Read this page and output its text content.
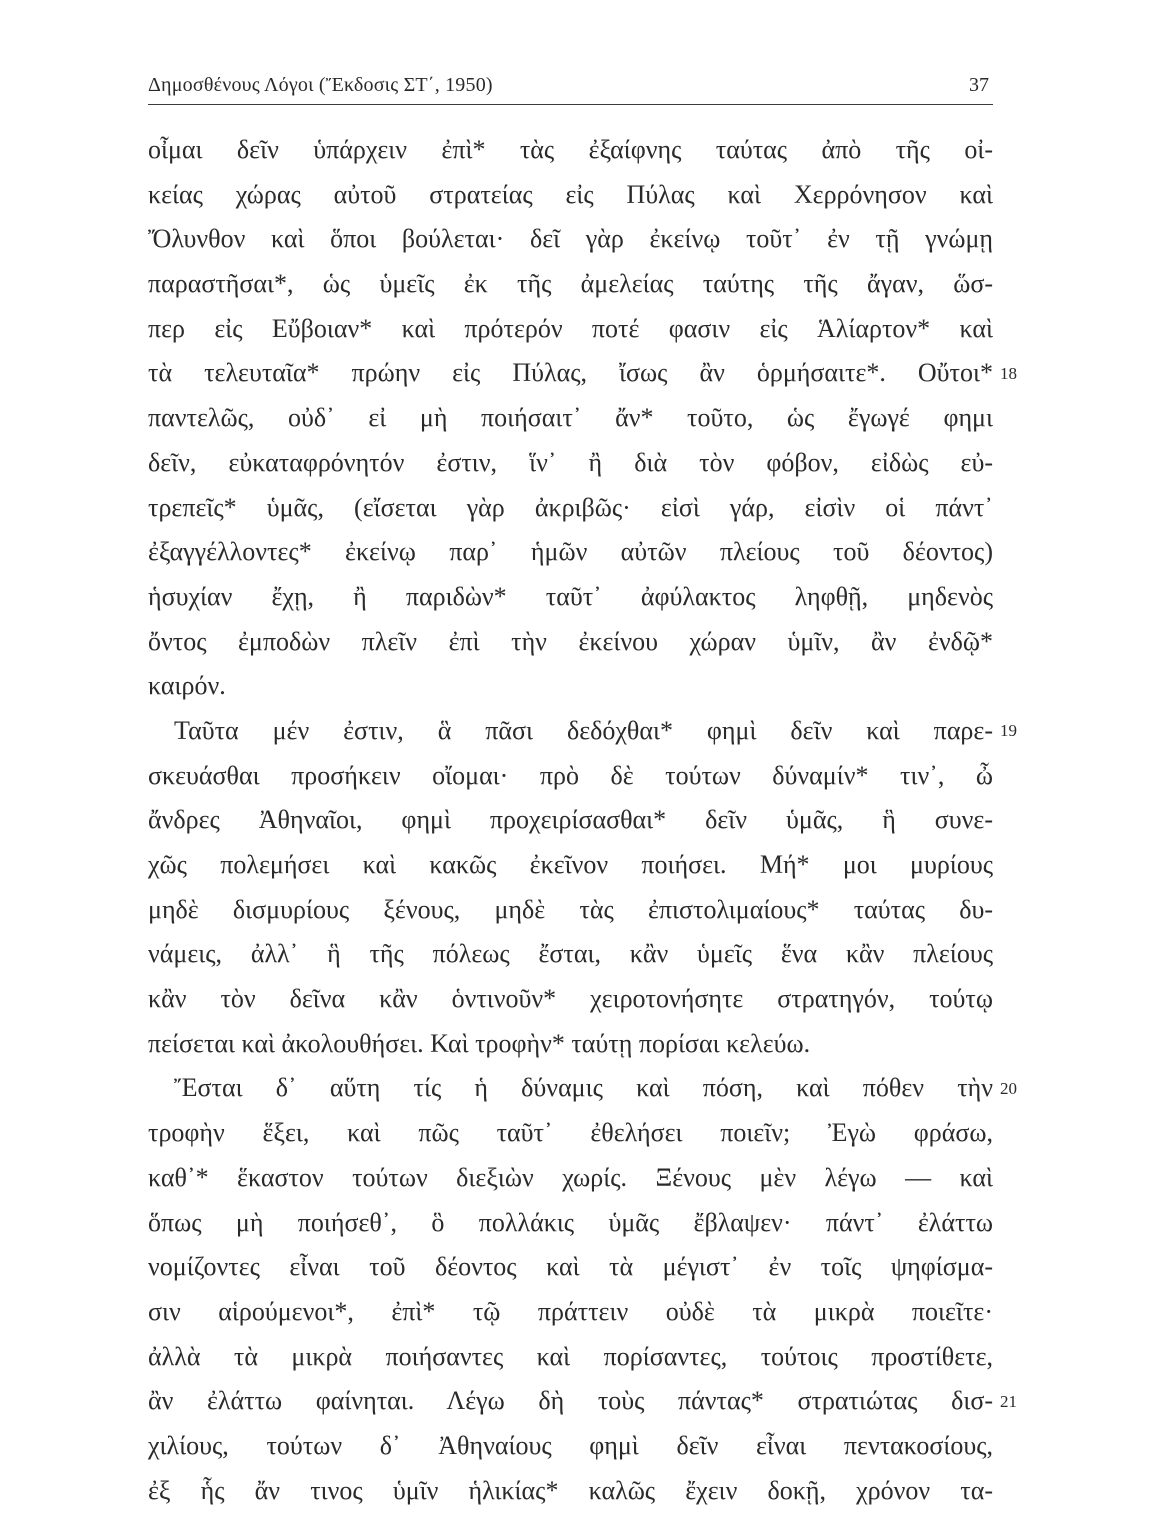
Δημοσθένους Λόγοι (Ἔκδοσις ΣΤ΄, 1950)	37
οἶμαι δεῖν ὑπάρχειν ἐπὶ* τὰς ἐξαίφνης ταύτας ἀπὸ τῆς οἰ-
κείας χώρας αὐτοῦ στρατείας εἰς Πύλας καὶ Χερρόνησον καὶ
Ὄλυνθον καὶ ὅποι βούλεται· δεῖ γὰρ ἐκείνῳ τοῦτ᾿ ἐν τῇ γνώμῃ
παραστῆσαι*, ὡς ὑμεῖς ἐκ τῆς ἀμελείας ταύτης τῆς ἄγαν, ὥσ-
περ εἰς Εὔβοιαν* καὶ πρότερόν ποτέ φασιν εἰς Ἁλίαρτον* καὶ
τὰ τελευταῖα* πρώην εἰς Πύλας, ἴσως ἂν ὁρμήσαιτε*. Οὔτοι*
παντελῶς, οὐδ᾿ εἰ μὴ ποιήσαιτ᾿ ἄν* τοῦτο, ὡς ἔγωγέ φημι
δεῖν, εὐκαταφρόνητόν ἐστιν, ἵν᾿ ἢ διὰ τὸν φόβον, εἰδὼς εὐ-
τρεπεῖς* ὑμᾶς, (εἴσεται γὰρ ἀκριβῶς· εἰσὶ γάρ, εἰσὶν οἱ πάντ᾿
ἐξαγγέλλοντες* ἐκείνῳ παρ᾿ ἡμῶν αὐτῶν πλείους τοῦ δέοντος)
ἡσυχίαν ἔχῃ, ἢ παριδὼν* ταῦτ᾿ ἀφύλακτος ληφθῇ, μηδενὸς
ὄντος ἐμποδὼν πλεῖν ἐπὶ τὴν ἐκείνου χώραν ὑμῖν, ἂν ἐνδῷ*
καιρόν.
Ταῦτα μέν ἐστιν, ἃ πᾶσι δεδόχθαι* φημὶ δεῖν καὶ παρε-
σκευάσθαι προσήκειν οἴομαι· πρὸ δὲ τούτων δύναμίν* τιν᾿, ὦ
ἄνδρες Ἀθηναῖοι, φημὶ προχειρίσασθαι* δεῖν ὑμᾶς, ἣ συνε-
χῶς πολεμήσει καὶ κακῶς ἐκεῖνον ποιήσει. Μή* μοι μυρίους
μηδὲ δισμυρίους ξένους, μηδὲ τὰς ἐπιστολιμαίους* ταύτας δυ-
νάμεις, ἀλλ᾿ ἣ τῆς πόλεως ἔσται, κἂν ὑμεῖς ἕνα κἂν πλείους
κἂν τὸν δεῖνα κἂν ὁντινοῦν* χειροτονήσητε στρατηγόν, τούτῳ
πείσεται καὶ ἀκολουθήσει. Καὶ τροφὴν* ταύτῃ πορίσαι κελεύω.
Ἔσται δ᾿ αὕτη τίς ἡ δύναμις καὶ πόση, καὶ πόθεν τὴν
τροφὴν ἕξει, καὶ πῶς ταῦτ᾿ ἐθελήσει ποιεῖν; Ἐγὼ φράσω,
καθ᾿* ἕκαστον τούτων διεξιὼν χωρίς. Ξένους μὲν λέγω — καὶ
ὅπως μὴ ποιήσεθ᾿, ὃ πολλάκις ὑμᾶς ἔβλαψεν· πάντ᾿ ἐλάττω
νομίζοντες εἶναι τοῦ δέοντος καὶ τὰ μέγιστ᾿ ἐν τοῖς ψηφίσμα-
σιν αἱρούμενοι*, ἐπὶ* τῷ πράττειν οὐδὲ τὰ μικρὰ ποιεῖτε·
ἀλλὰ τὰ μικρὰ ποιήσαντες καὶ πορίσαντες, τούτοις προστίθετε,
ἂν ἐλάττω φαίνηται. Λέγω δὴ τοὺς πάντας* στρατιώτας δισ-
χιλίους, τούτων δ᾿ Ἀθηναίους φημὶ δεῖν εἶναι πεντακοσίους,
ἐξ ἧς ἄν τινος ὑμῖν ἡλικίας* καλῶς ἔχειν δοκῇ, χρόνον τα-
18
19
20
21
